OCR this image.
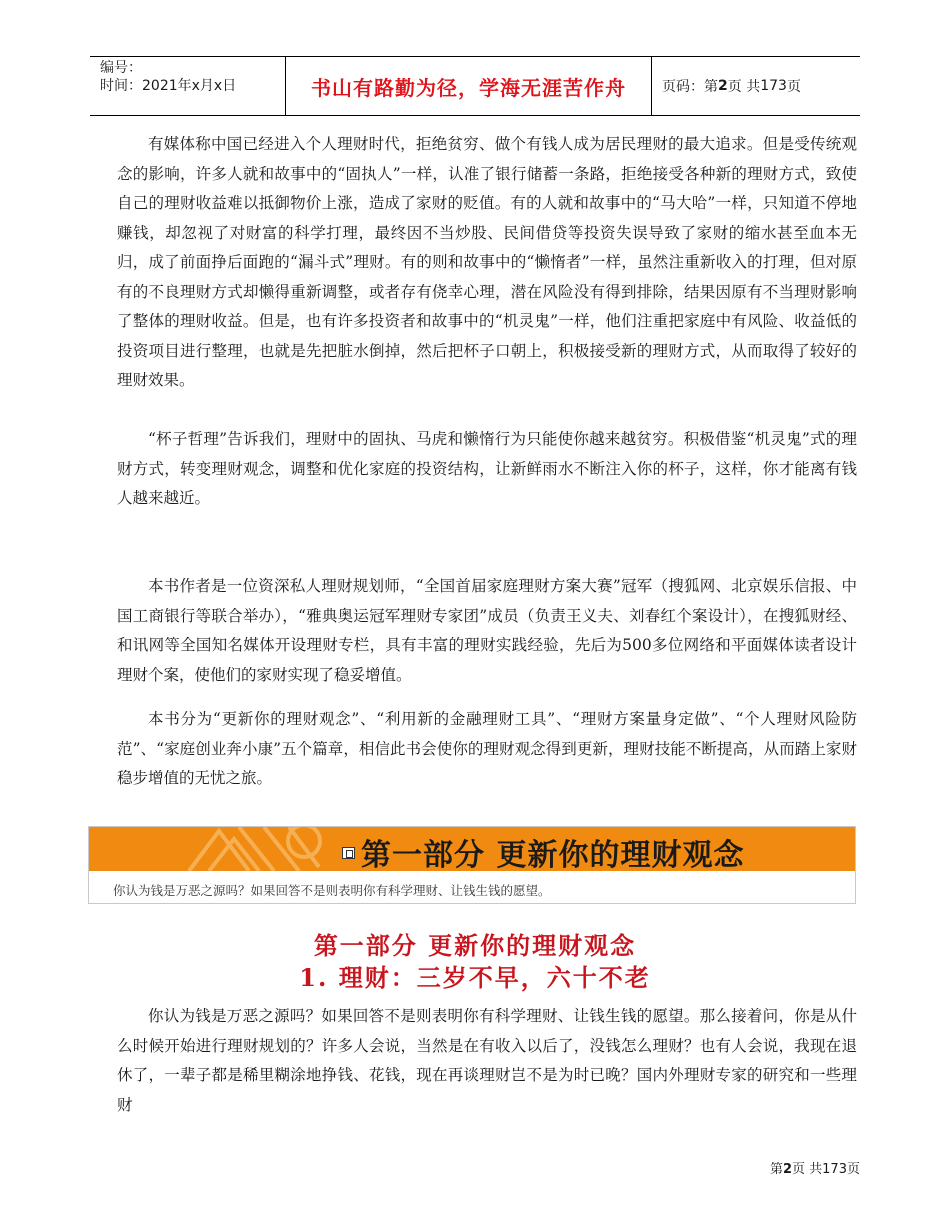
编号：
时间：2021年x月x日	书山有路勤为径，学海无涯苦作舟	页码：第 2 页 共 173 页

有媒体称中国已经进入个人理财时代，拒绝贫穷、做个有钱人成为居民理财的最大追求。但是受传统观念的影响，许多人就和故事中的“固执人”一样，认准了银行储蓄一条路，拒绝接受各种新的理财方式，致使自己的理财收益难以抵御物价上涨，造成了家财的贬值。有的人就和故事中的“马大哈”一样，只知道不停地赚钱，却忽视了对财富的科学打理，最终因不当炒股、民间借贷等投资失误导致了家财的缩水甚至血本无归，成了前面挣后面跑的“漏斗式”理财。有的则和故事中的“懒惰者”一样，虽然注重新收入的打理，但对原有的不良理财方式却懒得重新调整，或者存有侥幸心理，潜在风险没有得到排除，结果因原有不当理财影响了整体的理财收益。但是，也有许多投资者和故事中的“机灵鬼”一样，他们注重把家庭中有风险、收益低的投资项目进行整理，也就是先把脏水倒掉，然后把杯子口朝上，积极接受新的理财方式，从而取得了较好的理财效果。

“杯子哲理”告诉我们，理财中的固执、马虎和懒惰行为只能使你越来越贫穷。积极借鉴“机灵鬼”式的理财方式，转变理财观念，调整和优化家庭的投资结构，让新鲜雨水不断注入你的杯子，这样，你才能离有钱人越来越近。

本书作者是一位资深私人理财规划师，“全国首届家庭理财方案大赛”冠军（搜狐网、北京娱乐信报、中国工商银行等联合举办），“雅典奥运冠军理财专家团”成员（负责王义夫、刘春红个案设计），在搜狐财经、和讯网等全国知名媒体开设理财专栏，具有丰富的理财实践经验，先后为500多位网络和平面媒体读者设计理财个案，使他们的家财实现了稳妥增值。

本书分为“更新你的理财观念”、“利用新的金融理财工具”、“理财方案量身定做”、“个人理财风险防范”、“家庭创业奔小康”五个篇章，相信此书会使你的理财观念得到更新，理财技能不断提高，从而踏上家财稳步增值的无忧之旅。

第一部分 更新你的理财观念
你认为钱是万恶之源吗？如果回答不是则表明你有科学理财、让钱生钱的愿望。
第一部分 更新你的理财观念
1. 理财：三岁不早，六十不老

你认为钱是万恶之源吗？如果回答不是则表明你有科学理财、让钱生钱的愿望。那么接着问，你是从什么时候开始进行理财规划的？许多人会说，当然是在有收入以后了，没钱怎么理财？也有人会说，我现在退休了，一辈子都是稀里糊涂地挣钱、花钱，现在再谈理财岂不是为时已晚？国内外理财专家的研究和一些理财

第2页 共173页
